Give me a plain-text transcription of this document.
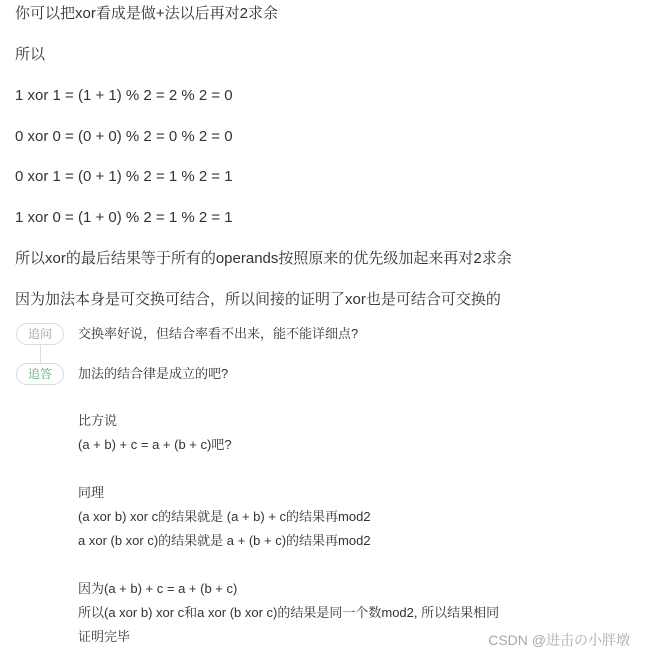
你可以把xor看成是做+法以后再对2求余
所以
1 xor 1 = (1 + 1) % 2 = 2 % 2 = 0
0 xor 0 = (0 + 0) % 2 = 0 % 2 = 0
0 xor 1 = (0 + 1) % 2 = 1 % 2 = 1
1 xor 0 = (1 + 0) % 2 = 1 % 2 = 1
所以xor的最后结果等于所有的operands按照原来的优先级加起来再对2求余
因为加法本身是可交换可结合，所以间接的证明了xor也是可结合可交换的
追问	交换率好说，但结合率看不出来，能不能详细点?
追答	加法的结合律是成立的吧?
比方说
(a + b) + c = a + (b + c)吧?
同理
(a xor b) xor c的结果就是 (a + b) + c的结果再mod2
a xor (b xor c)的结果就是 a + (b + c)的结果再mod2
因为(a + b) + c = a + (b + c)
所以(a xor b) xor c和a xor (b xor c)的结果是同一个数mod2, 所以结果相同
证明完毕	CSDN @进击の小胖墩
